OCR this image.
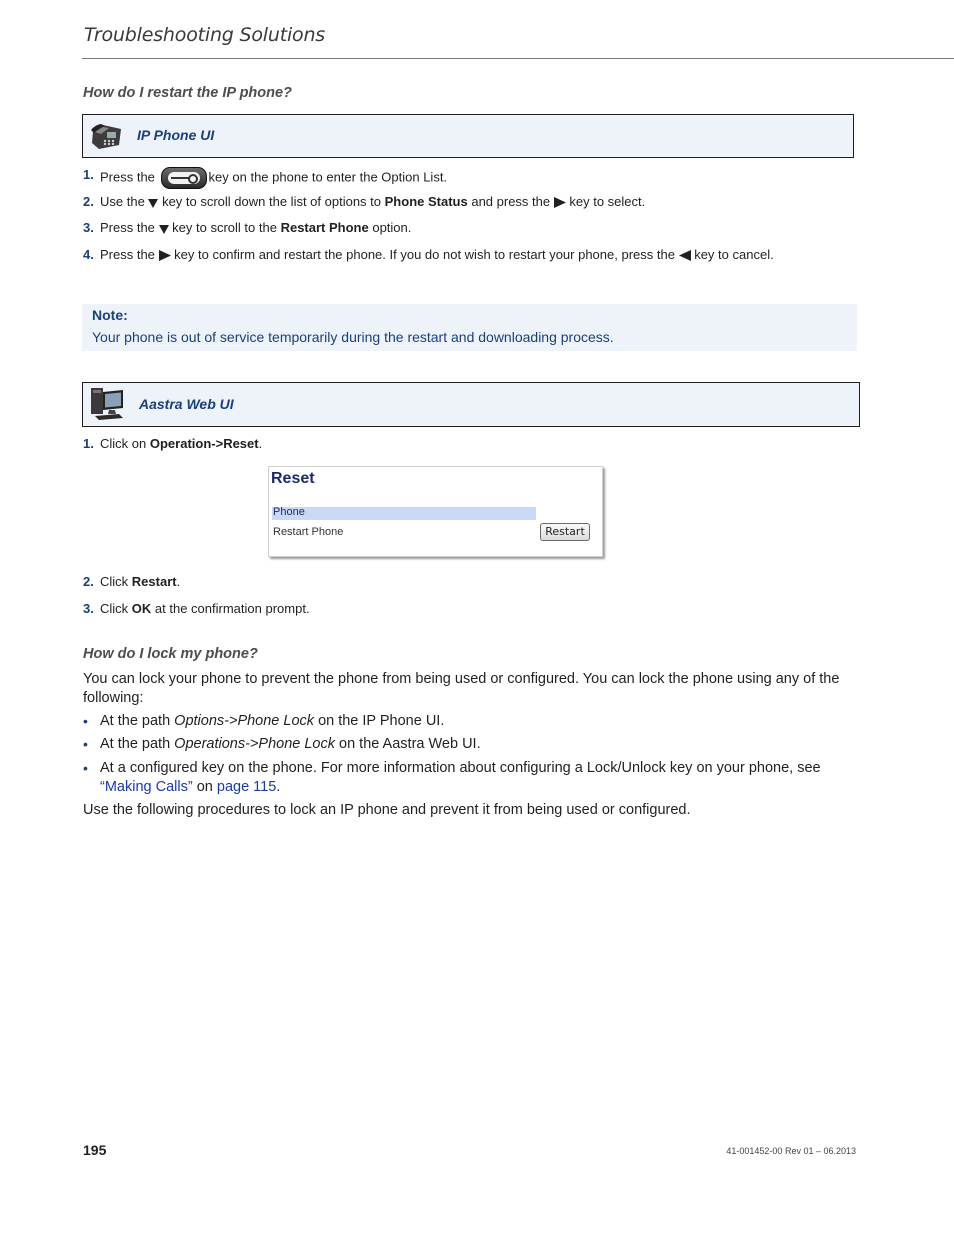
Troubleshooting Solutions
How do I restart the IP phone?
IP Phone UI
1. Press the	key on the phone to enter the Option List.
2. Use the key to scroll down the list of options to Phone Status and press the key to select.
3. Press the key to scroll to the Restart Phone option.
4. Press the key to confirm and restart the phone. If you do not wish to restart your phone, press the key to cancel.
Note:
Your phone is out of service temporarily during the restart and downloading process.
Aastra Web UI
1. Click on Operation->Reset.
Reset
Phone
Restart Phone	Restart
2. Click Restart.
3. Click OK at the confirmation prompt.
How do I lock my phone?
You can lock your phone to prevent the phone from being used or configured. You can lock the phone using any of the
following:
• At the path Options->Phone Lock on the IP Phone UI.
• At the path Operations->Phone Lock on the Aastra Web UI.
• At a configured key on the phone. For more information about configuring a Lock/Unlock key on your phone, see
“Making Calls” on page 115.
Use the following procedures to lock an IP phone and prevent it from being used or configured.
195	41-001452-00 Rev 01 – 06.2013
